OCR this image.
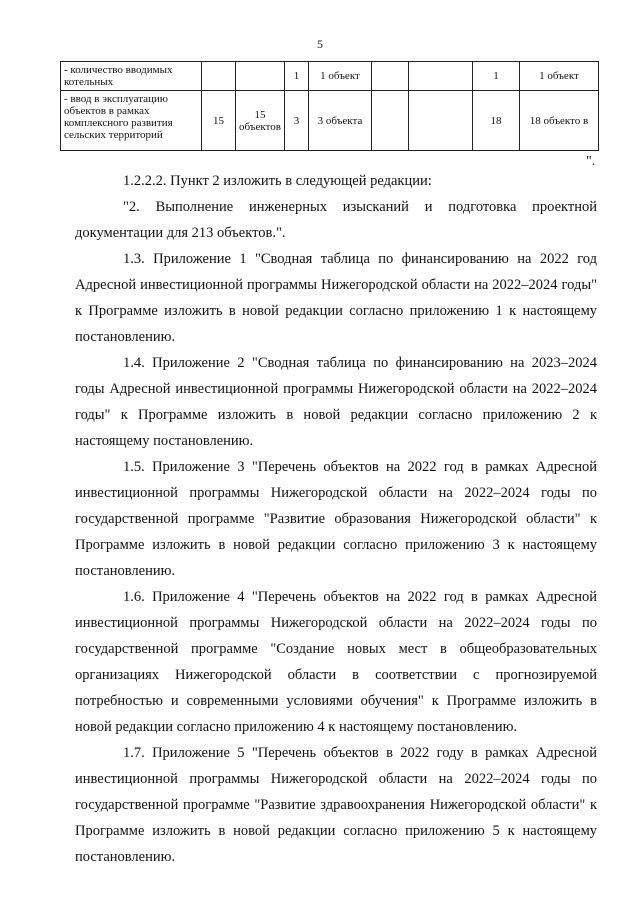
5
- количество вводимых котельных			1	1 объект			1	1 объект
- ввод в эксплуатацию объектов в рамках комплексного развития сельских территорий	15	15 объектов	3	3 объекта			18	18 объекто в
".

1.2.2.2. Пункт 2 изложить в следующей редакции:

"2. Выполнение инженерных изысканий и подготовка проектной документации для 213 объектов.".

1.3. Приложение 1 "Сводная таблица по финансированию на 2022 год Адресной инвестиционной программы Нижегородской области на 2022–2024 годы" к Программе изложить в новой редакции согласно приложению 1 к настоящему постановлению.

1.4. Приложение 2 "Сводная таблица по финансированию на 2023–2024 годы Адресной инвестиционной программы Нижегородской области на 2022–2024 годы" к Программе изложить в новой редакции согласно приложению 2 к настоящему постановлению.

1.5. Приложение 3 "Перечень объектов на 2022 год в рамках Адресной инвестиционной программы Нижегородской области на 2022–2024 годы по государственной программе "Развитие образования Нижегородской области" к Программе изложить в новой редакции согласно приложению 3 к настоящему постановлению.

1.6. Приложение 4 "Перечень объектов на 2022 год в рамках Адресной инвестиционной программы Нижегородской области на 2022–2024 годы по государственной программе "Создание новых мест в общеобразовательных организациях Нижегородской области в соответствии с прогнозируемой потребностью и современными условиями обучения" к Программе изложить в новой редакции согласно приложению 4 к настоящему постановлению.

1.7. Приложение 5 "Перечень объектов в 2022 году в рамках Адресной инвестиционной программы Нижегородской области на 2022–2024 годы по государственной программе "Развитие здравоохранения Нижегородской области" к Программе изложить в новой редакции согласно приложению 5 к настоящему постановлению.
